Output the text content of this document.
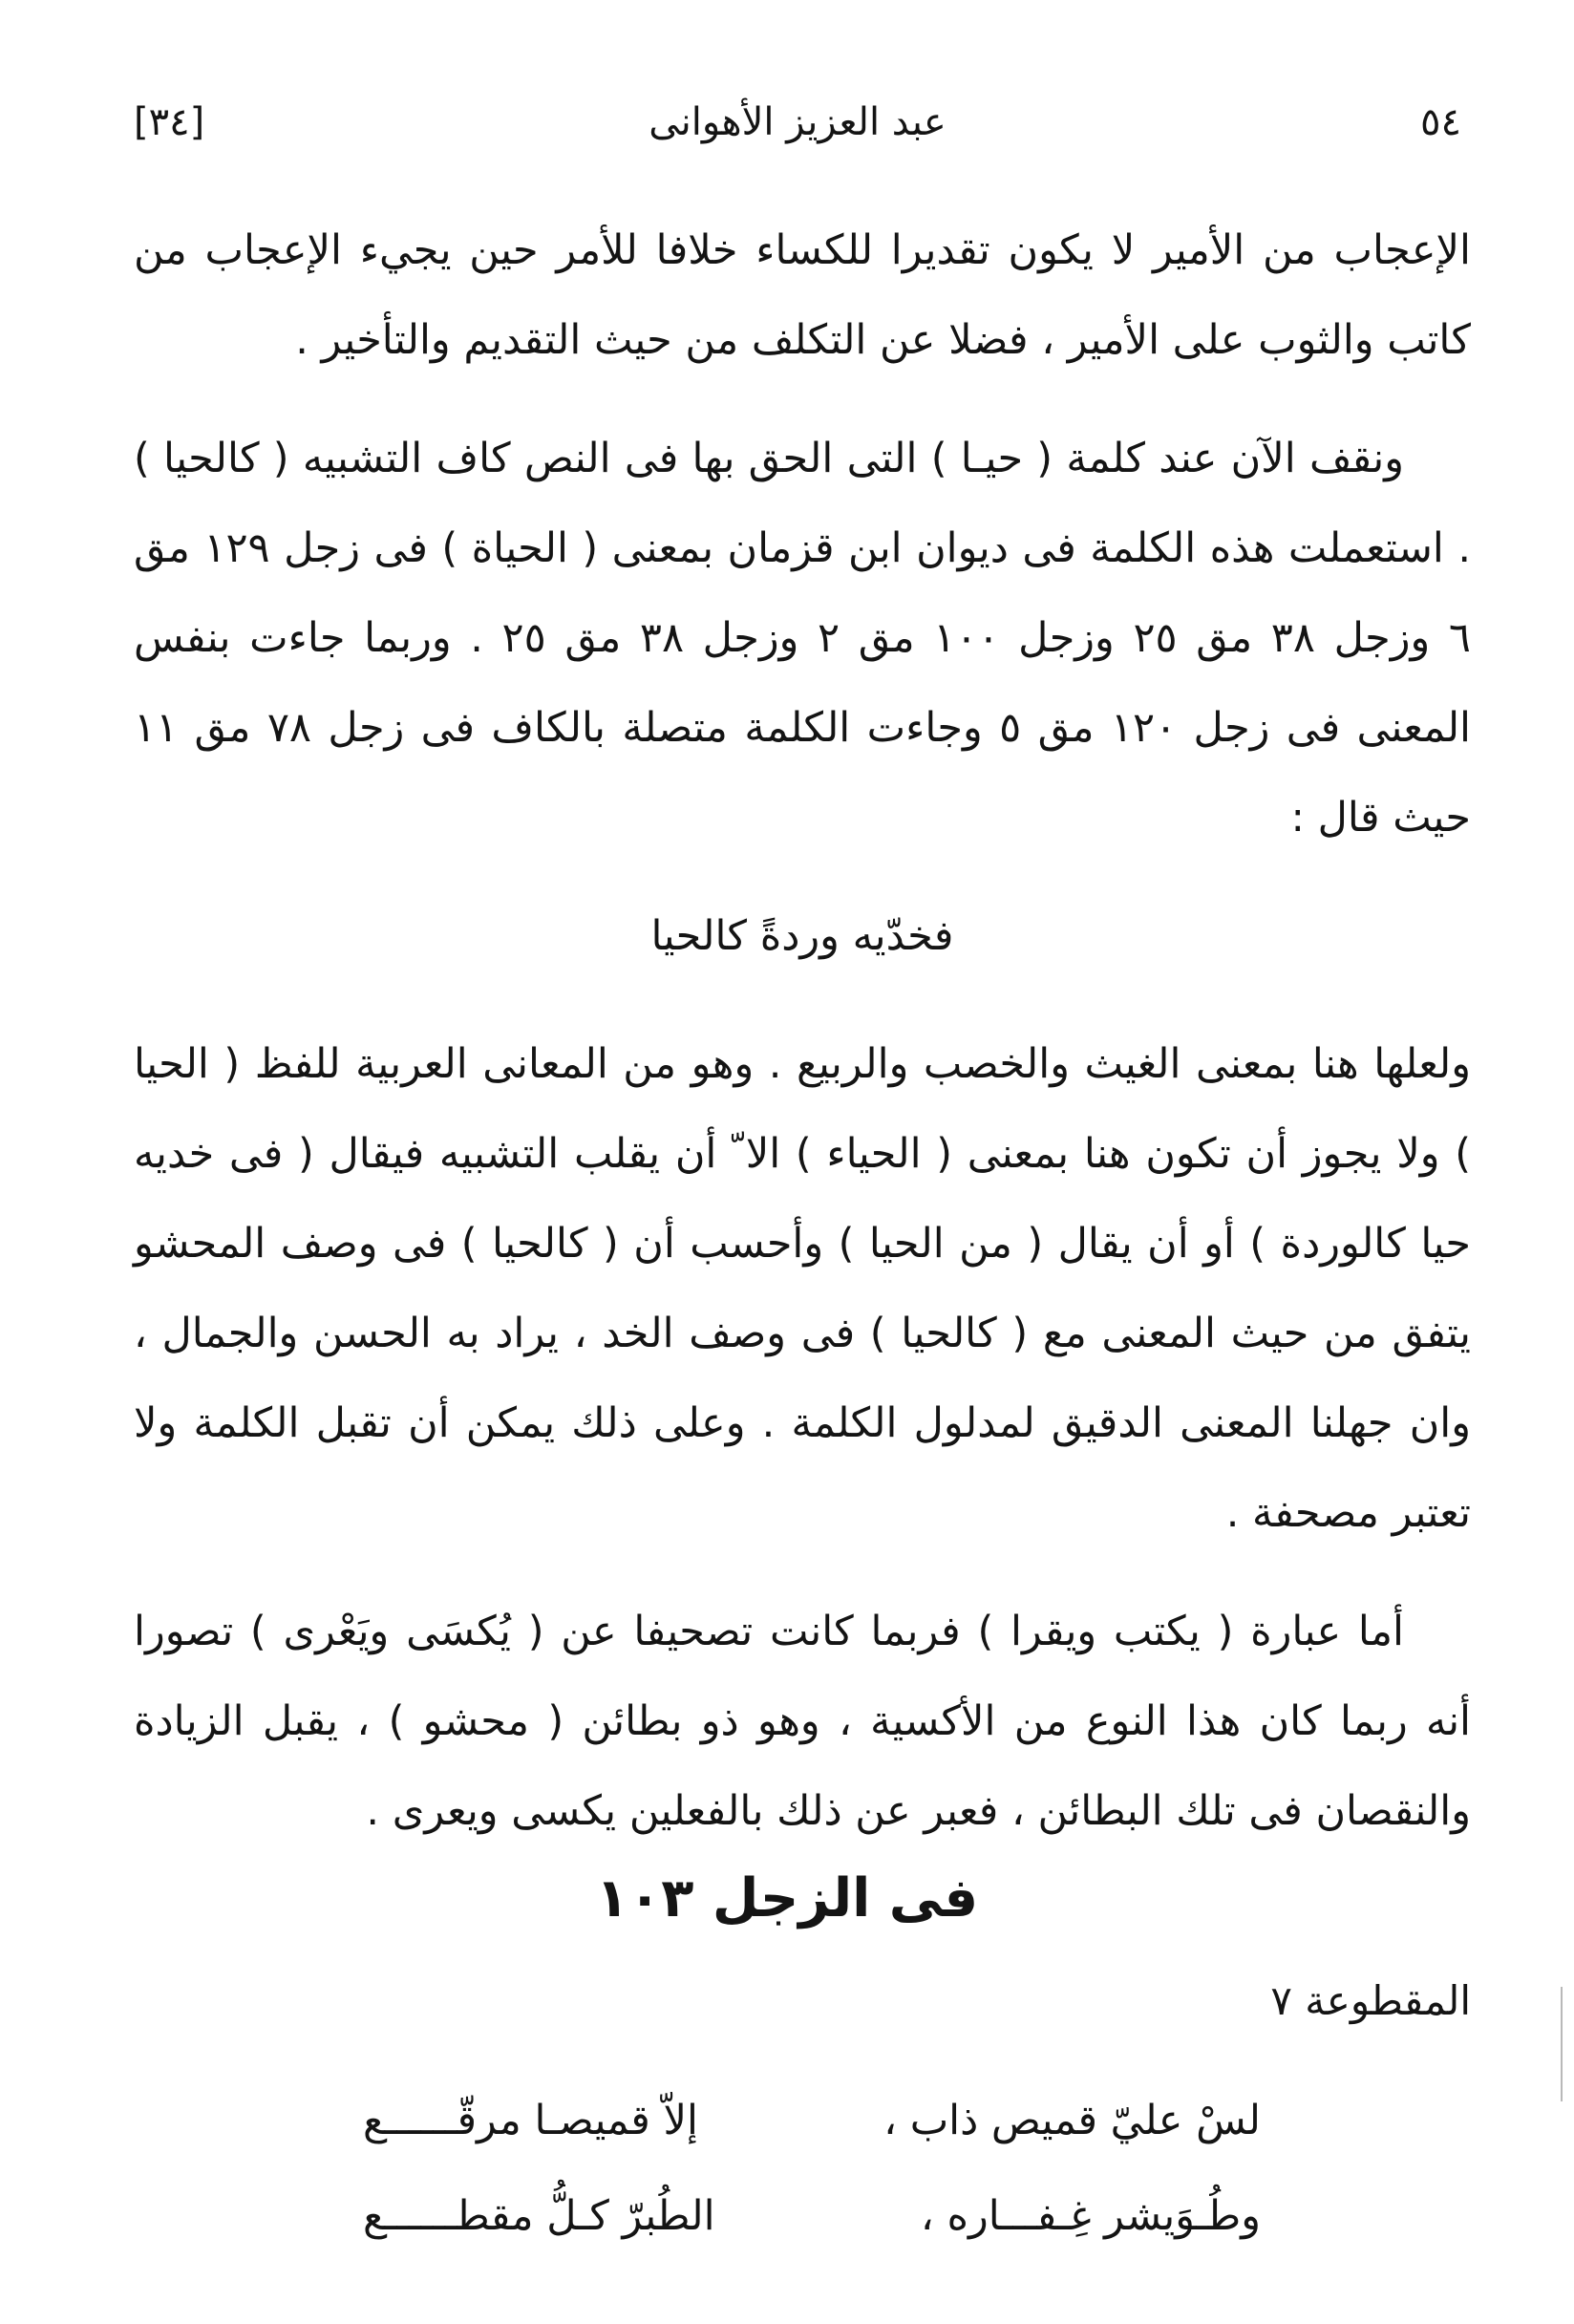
٥٤
عبد العزيز الأهوانى
[٣٤]

الإعجاب من الأمير لا يكون تقديرا للكساء خلافا للأمر حين يجيء الإعجاب من كاتب والثوب على الأمير ، فضلا عن التكلف من حيث التقديم والتأخير .

ونقف الآن عند كلمة ( حيـا ) التى الحق بها فى النص كاف التشبيه ( كالحيا ) . استعملت هذه الكلمة فى ديوان ابن قزمان بمعنى ( الحياة ) فى زجل ١٢٩ مق ٦ وزجل ٣٨ مق ٢٥ وزجل ١٠٠ مق ٢ وزجل ٣٨ مق ٢٥ . وربما جاءت بنفس المعنى فى زجل ١٢٠ مق ٥ وجاءت الكلمة متصلة بالكاف فى زجل ٧٨ مق ١١ حيث قال :

فخدّيه وردةً كالحيا

ولعلها هنا بمعنى الغيث والخصب والربيع . وهو من المعانى العربية للفظ ( الحيا ) ولا يجوز أن تكون هنا بمعنى ( الحياء ) الا ّ أن يقلب التشبيه فيقال ( فى خديه حيا كالوردة ) أو أن يقال ( من الحيا ) وأحسب أن ( كالحيا ) فى وصف المحشو يتفق من حيث المعنى مع ( كالحيا ) فى وصف الخد ، يراد به الحسن والجمال ، وان جهلنا المعنى الدقيق لمدلول الكلمة . وعلى ذلك يمكن أن تقبل الكلمة ولا تعتبر مصحفة .

أما عبارة ( يكتب ويقرا ) فربما كانت تصحيفا عن ( يُكسَى ويَعْرى ) تصورا أنه ربما كان هذا النوع من الأكسية ، وهو ذو بطائن ( محشو ) ، يقبل الزيادة والنقصان فى تلك البطائن ، فعبر عن ذلك بالفعلين يكسى ويعرى .

فى الزجل ١٠٣
المقطوعة ٧
لسْ عليّ قميص ذاب ،
إلاّ قميصـا مرقّــــــع
وطُـوَيشر غِـفـــاره ،
الطُبرّ كـلُّ مقطــــــع
